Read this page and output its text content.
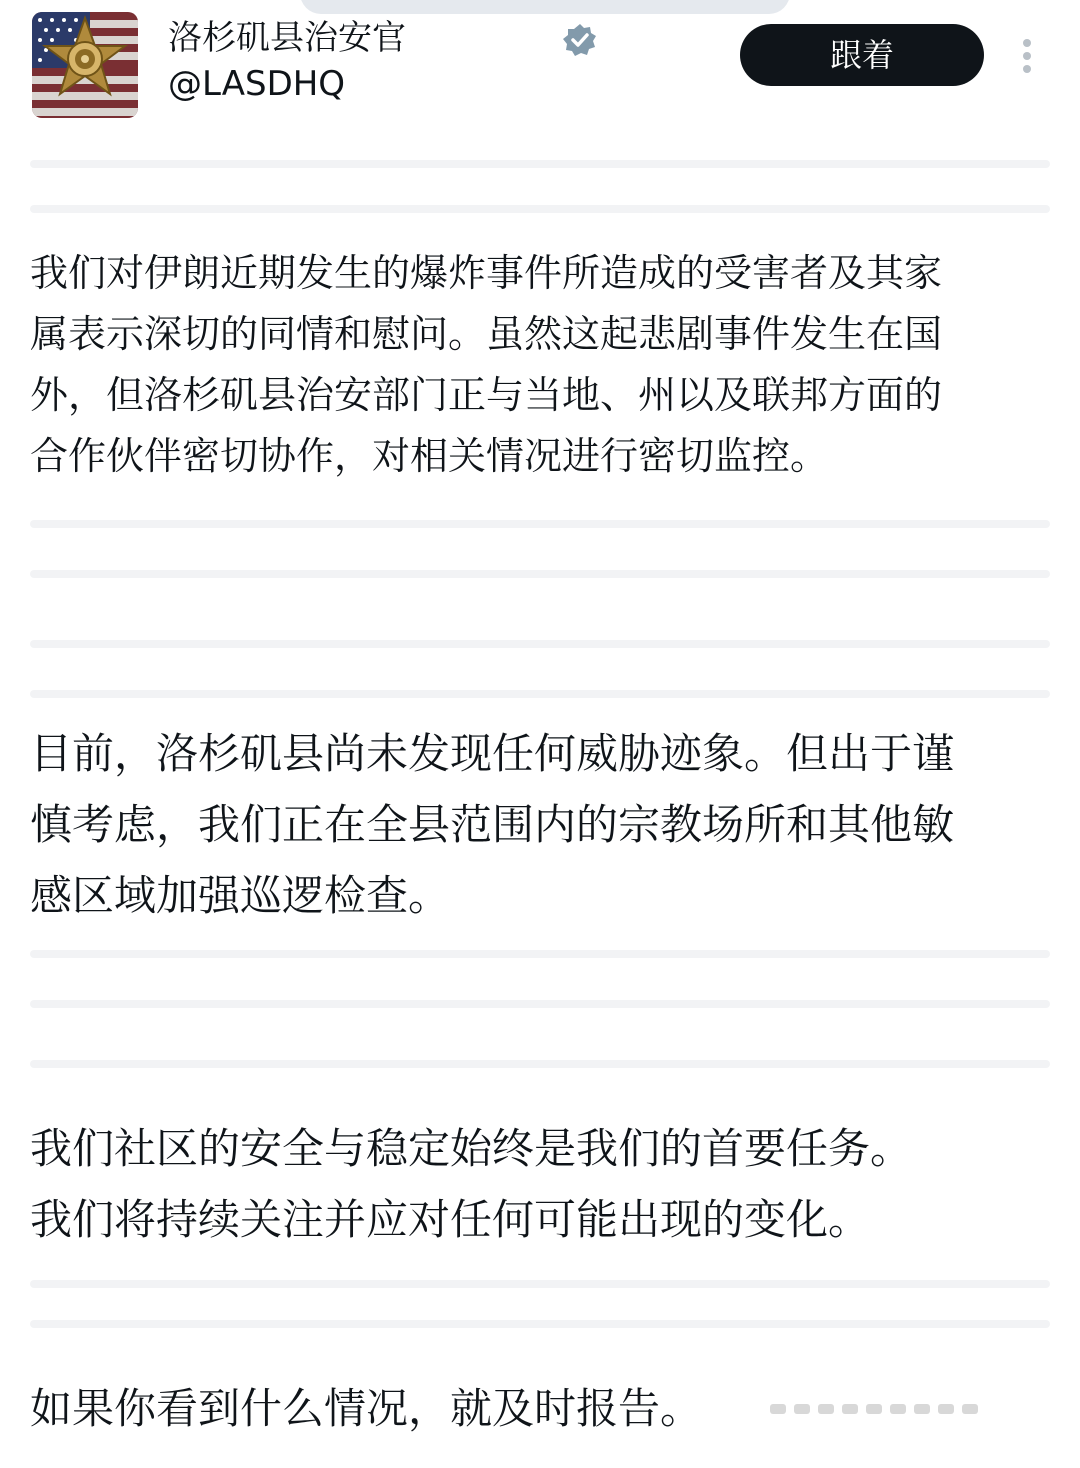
洛杉矶县治安官
@LASDHQ
跟着
我们对伊朗近期发生的爆炸事件所造成的受害者及其家
属表示深切的同情和慰问。虽然这起悲剧事件发生在国
外，但洛杉矶县治安部门正与当地、州以及联邦方面的
合作伙伴密切协作，对相关情况进行密切监控。
目前，洛杉矶县尚未发现任何威胁迹象。但出于谨
慎考虑，我们正在全县范围内的宗教场所和其他敏
感区域加强巡逻检查。
我们社区的安全与稳定始终是我们的首要任务。
我们将持续关注并应对任何可能出现的变化。
如果你看到什么情况，就及时报告。
